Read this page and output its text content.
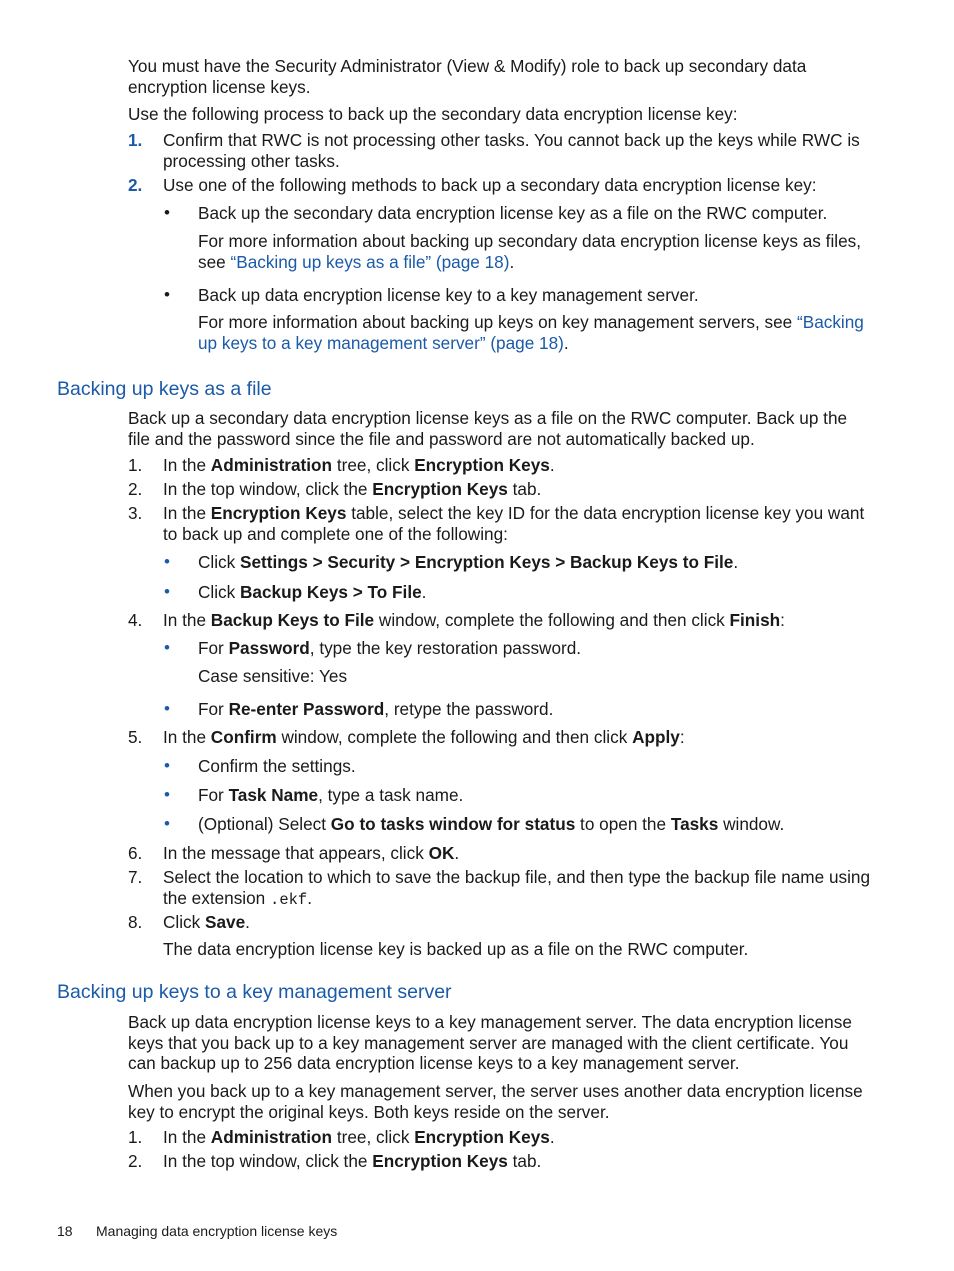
You must have the Security Administrator (View & Modify) role to back up secondary data encryption license keys.

Use the following process to back up the secondary data encryption license key:

1. Confirm that RWC is not processing other tasks. You cannot back up the keys while RWC is processing other tasks.

2. Use one of the following methods to back up a secondary data encryption license key:

• Back up the secondary data encryption license key as a file on the RWC computer.

For more information about backing up secondary data encryption license keys as files, see “Backing up keys as a file” (page 18).

• Back up data encryption license key to a key management server.

For more information about backing up keys on key management servers, see “Backing up keys to a key management server” (page 18).

Backing up keys as a file

Back up a secondary data encryption license keys as a file on the RWC computer. Back up the file and the password since the file and password are not automatically backed up.

1. In the Administration tree, click Encryption Keys.

2. In the top window, click the Encryption Keys tab.

3. In the Encryption Keys table, select the key ID for the data encryption license key you want to back up and complete one of the following:

• Click Settings > Security > Encryption Keys > Backup Keys to File.

• Click Backup Keys > To File.

4. In the Backup Keys to File window, complete the following and then click Finish:

• For Password, type the key restoration password.

Case sensitive: Yes

• For Re-enter Password, retype the password.

5. In the Confirm window, complete the following and then click Apply:

• Confirm the settings.

• For Task Name, type a task name.

• (Optional) Select Go to tasks window for status to open the Tasks window.

6. In the message that appears, click OK.

7. Select the location to which to save the backup file, and then type the backup file name using the extension .ekf.

8. Click Save.

The data encryption license key is backed up as a file on the RWC computer.

Backing up keys to a key management server

Back up data encryption license keys to a key management server. The data encryption license keys that you back up to a key management server are managed with the client certificate. You can backup up to 256 data encryption license keys to a key management server.

When you back up to a key management server, the server uses another data encryption license key to encrypt the original keys. Both keys reside on the server.

1. In the Administration tree, click Encryption Keys.

2. In the top window, click the Encryption Keys tab.

18 Managing data encryption license keys
